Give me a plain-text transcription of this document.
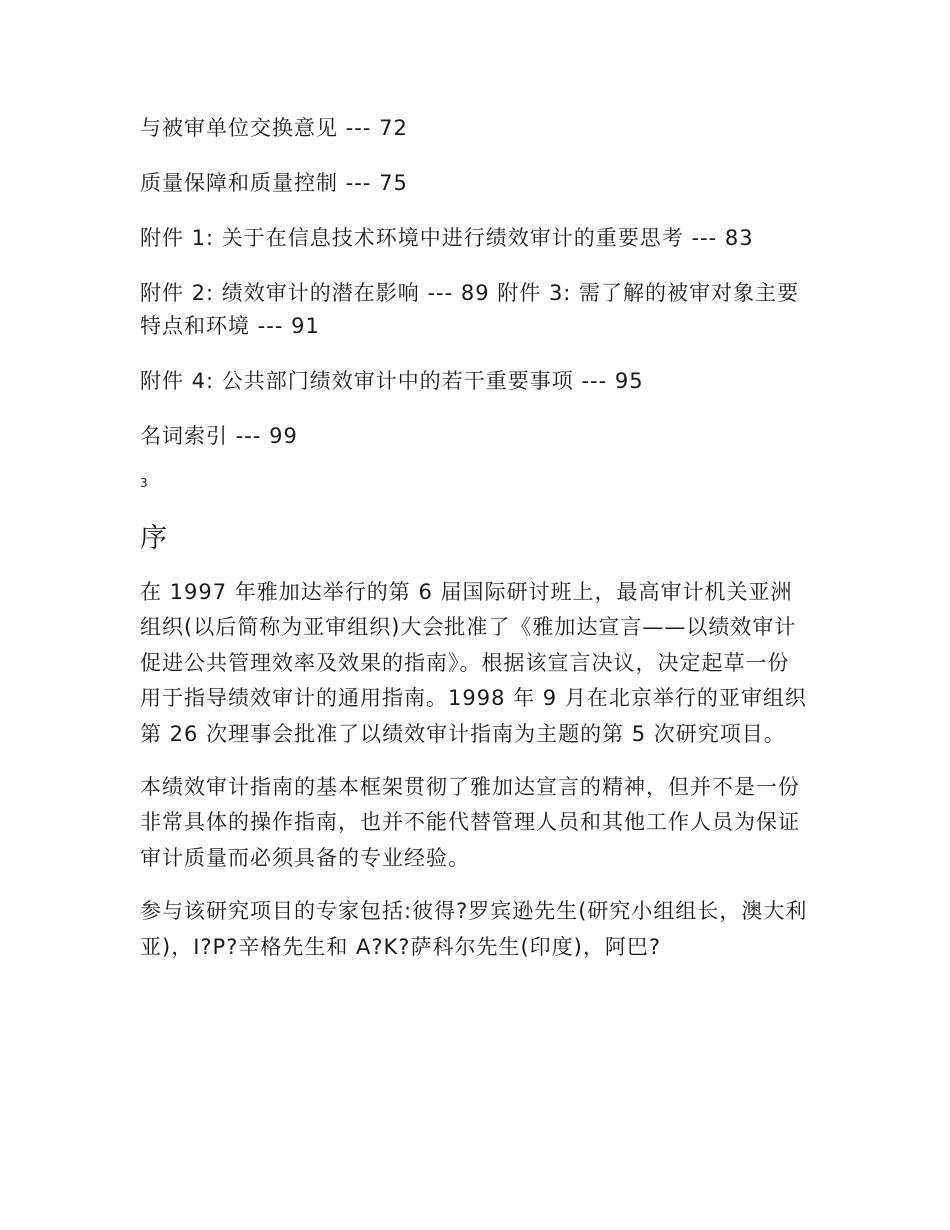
与被审单位交换意见 --- 72

质量保障和质量控制 --- 75

附件 1: 关于在信息技术环境中进行绩效审计的重要思考 --- 83

附件 2: 绩效审计的潜在影响 --- 89 附件 3: 需了解的被审对象主要特点和环境 --- 91

附件 4: 公共部门绩效审计中的若干重要事项 --- 95

名词索引 --- 99

3
序

在 1997 年雅加达举行的第 6 届国际研讨班上，最高审计机关亚洲组织(以后简称为亚审组织)大会批准了《雅加达宣言——以绩效审计促进公共管理效率及效果的指南》。根据该宣言决议，决定起草一份用于指导绩效审计的通用指南。1998 年 9 月在北京举行的亚审组织第 26 次理事会批准了以绩效审计指南为主题的第 5 次研究项目。

本绩效审计指南的基本框架贯彻了雅加达宣言的精神，但并不是一份非常具体的操作指南，也并不能代替管理人员和其他工作人员为保证审计质量而必须具备的专业经验。

参与该研究项目的专家包括:彼得?罗宾逊先生(研究小组组长，澳大利亚)，I?P?辛格先生和 A?K?萨科尔先生(印度)，阿巴?
